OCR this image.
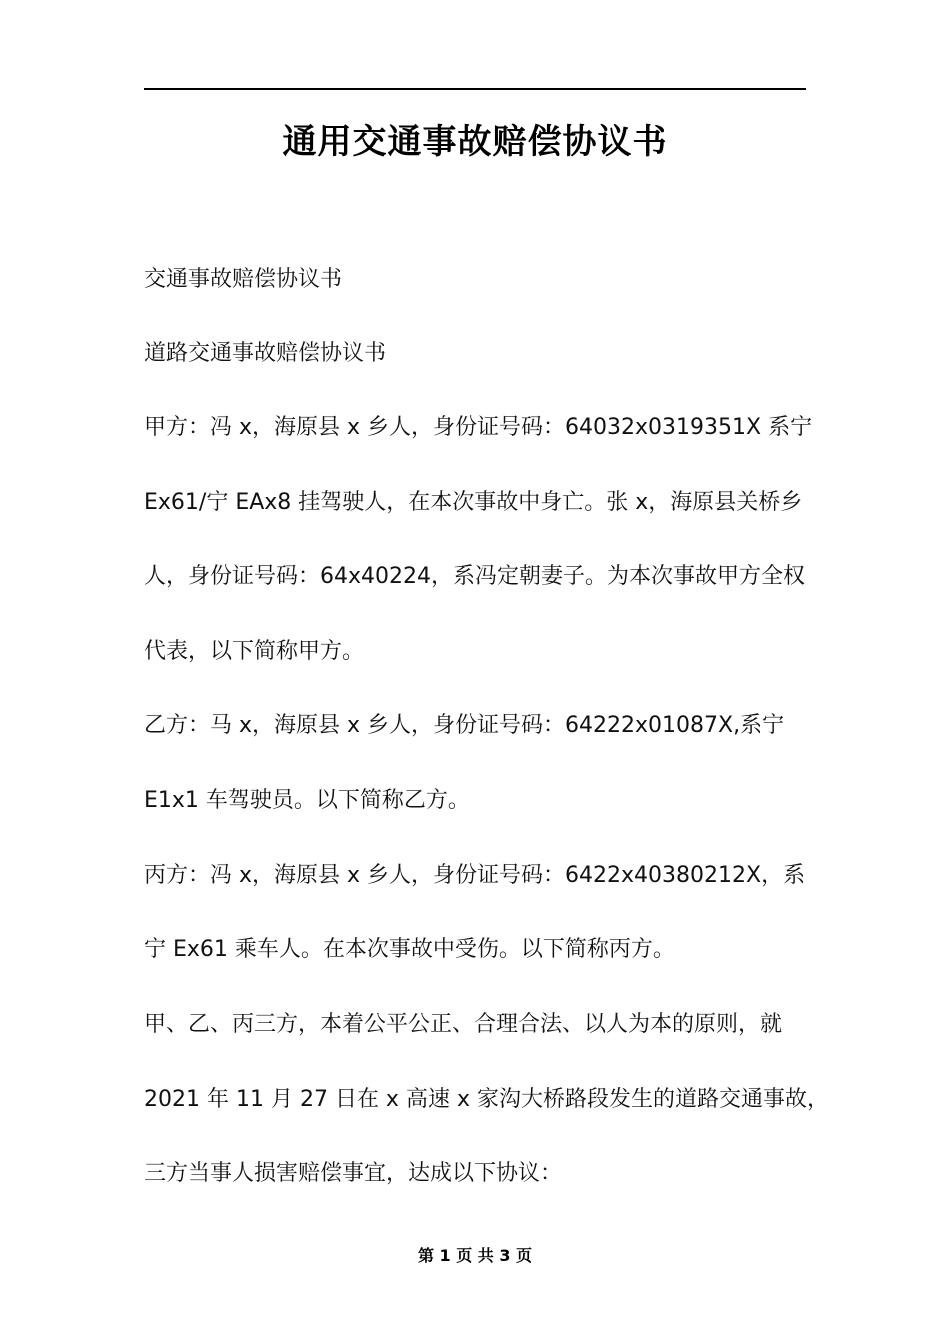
通用交通事故赔偿协议书
交通事故赔偿协议书
道路交通事故赔偿协议书
甲方：冯 x，海原县 x 乡人，身份证号码：64032x0319351X 系宁
Ex61/宁 EAx8 挂驾驶人，在本次事故中身亡。张 x，海原县关桥乡
人，身份证号码：64x40224，系冯定朝妻子。为本次事故甲方全权
代表，以下简称甲方。
乙方：马 x，海原县 x 乡人，身份证号码：64222x01087X,系宁
E1x1 车驾驶员。以下简称乙方。
丙方：冯 x，海原县 x 乡人，身份证号码：6422x40380212X，系
宁 Ex61 乘车人。在本次事故中受伤。以下简称丙方。
甲、乙、丙三方，本着公平公正、合理合法、以人为本的原则，就
2021 年 11 月 27 日在 x 高速 x 家沟大桥路段发生的道路交通事故，
三方当事人损害赔偿事宜，达成以下协议：
第 1 页 共 3 页
